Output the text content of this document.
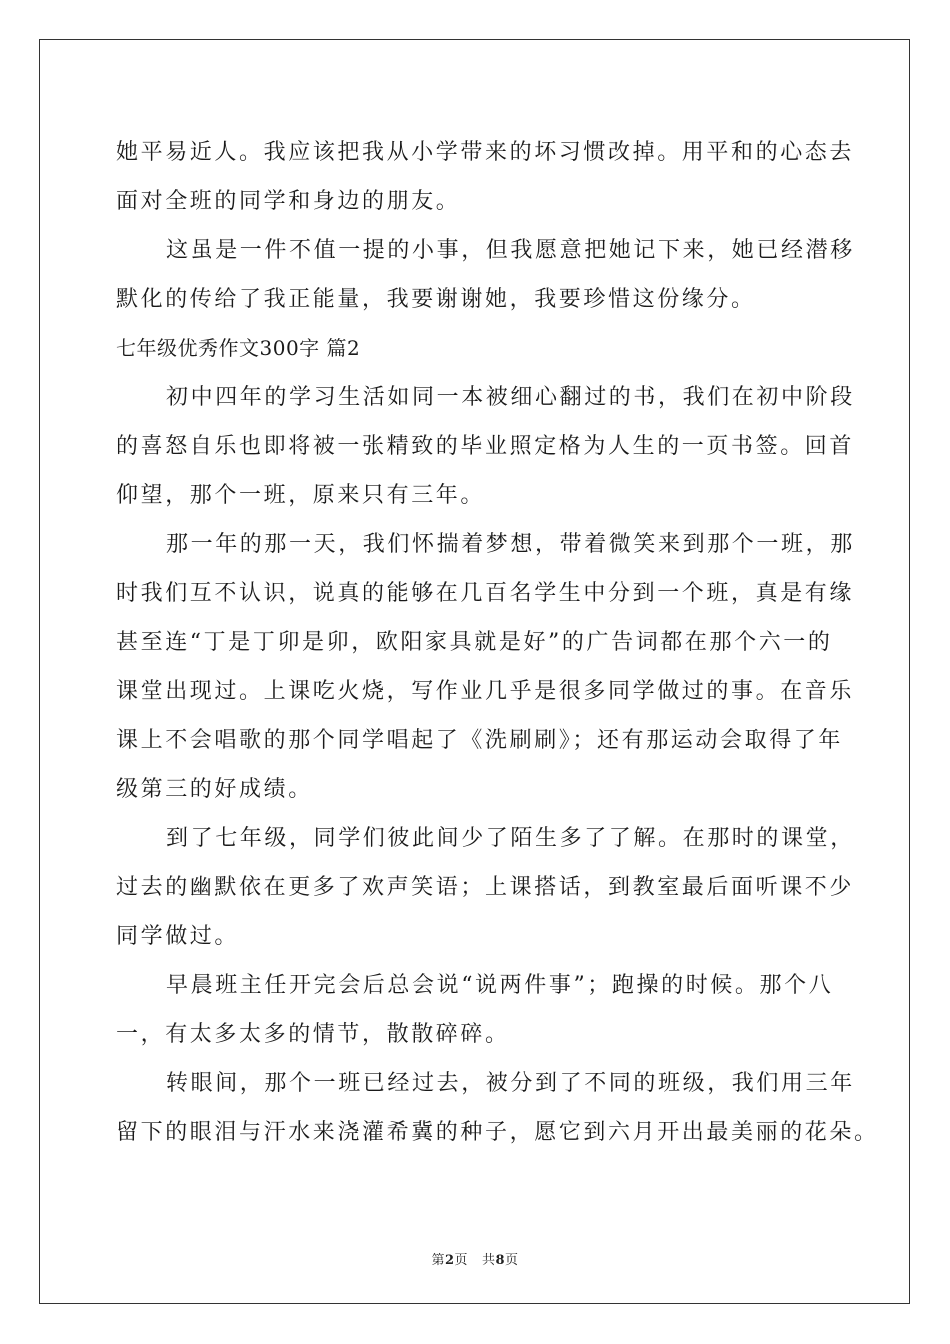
她平易近人。我应该把我从小学带来的坏习惯改掉。用平和的心态去
面对全班的同学和身边的朋友。
这虽是一件不值一提的小事，但我愿意把她记下来，她已经潜移
默化的传给了我正能量，我要谢谢她，我要珍惜这份缘分。
七年级优秀作文300字 篇2
初中四年的学习生活如同一本被细心翻过的书，我们在初中阶段
的喜怒自乐也即将被一张精致的毕业照定格为人生的一页书签。回首
仰望，那个一班，原来只有三年。
那一年的那一天，我们怀揣着梦想，带着微笑来到那个一班，那
时我们互不认识，说真的能够在几百名学生中分到一个班，真是有缘
甚至连“丁是丁卯是卯，欧阳家具就是好”的广告词都在那个六一的
课堂出现过。上课吃火烧，写作业几乎是很多同学做过的事。在音乐
课上不会唱歌的那个同学唱起了《洗刷刷》；还有那运动会取得了年
级第三的好成绩。
到了七年级，同学们彼此间少了陌生多了了解。在那时的课堂，
过去的幽默依在更多了欢声笑语；上课搭话，到教室最后面听课不少
同学做过。
早晨班主任开完会后总会说“说两件事”；跑操的时候。那个八
一，有太多太多的情节，散散碎碎。
转眼间，那个一班已经过去，被分到了不同的班级，我们用三年
留下的眼泪与汗水来浇灌希冀的种子，愿它到六月开出最美丽的花朵。
第2页 共8页
